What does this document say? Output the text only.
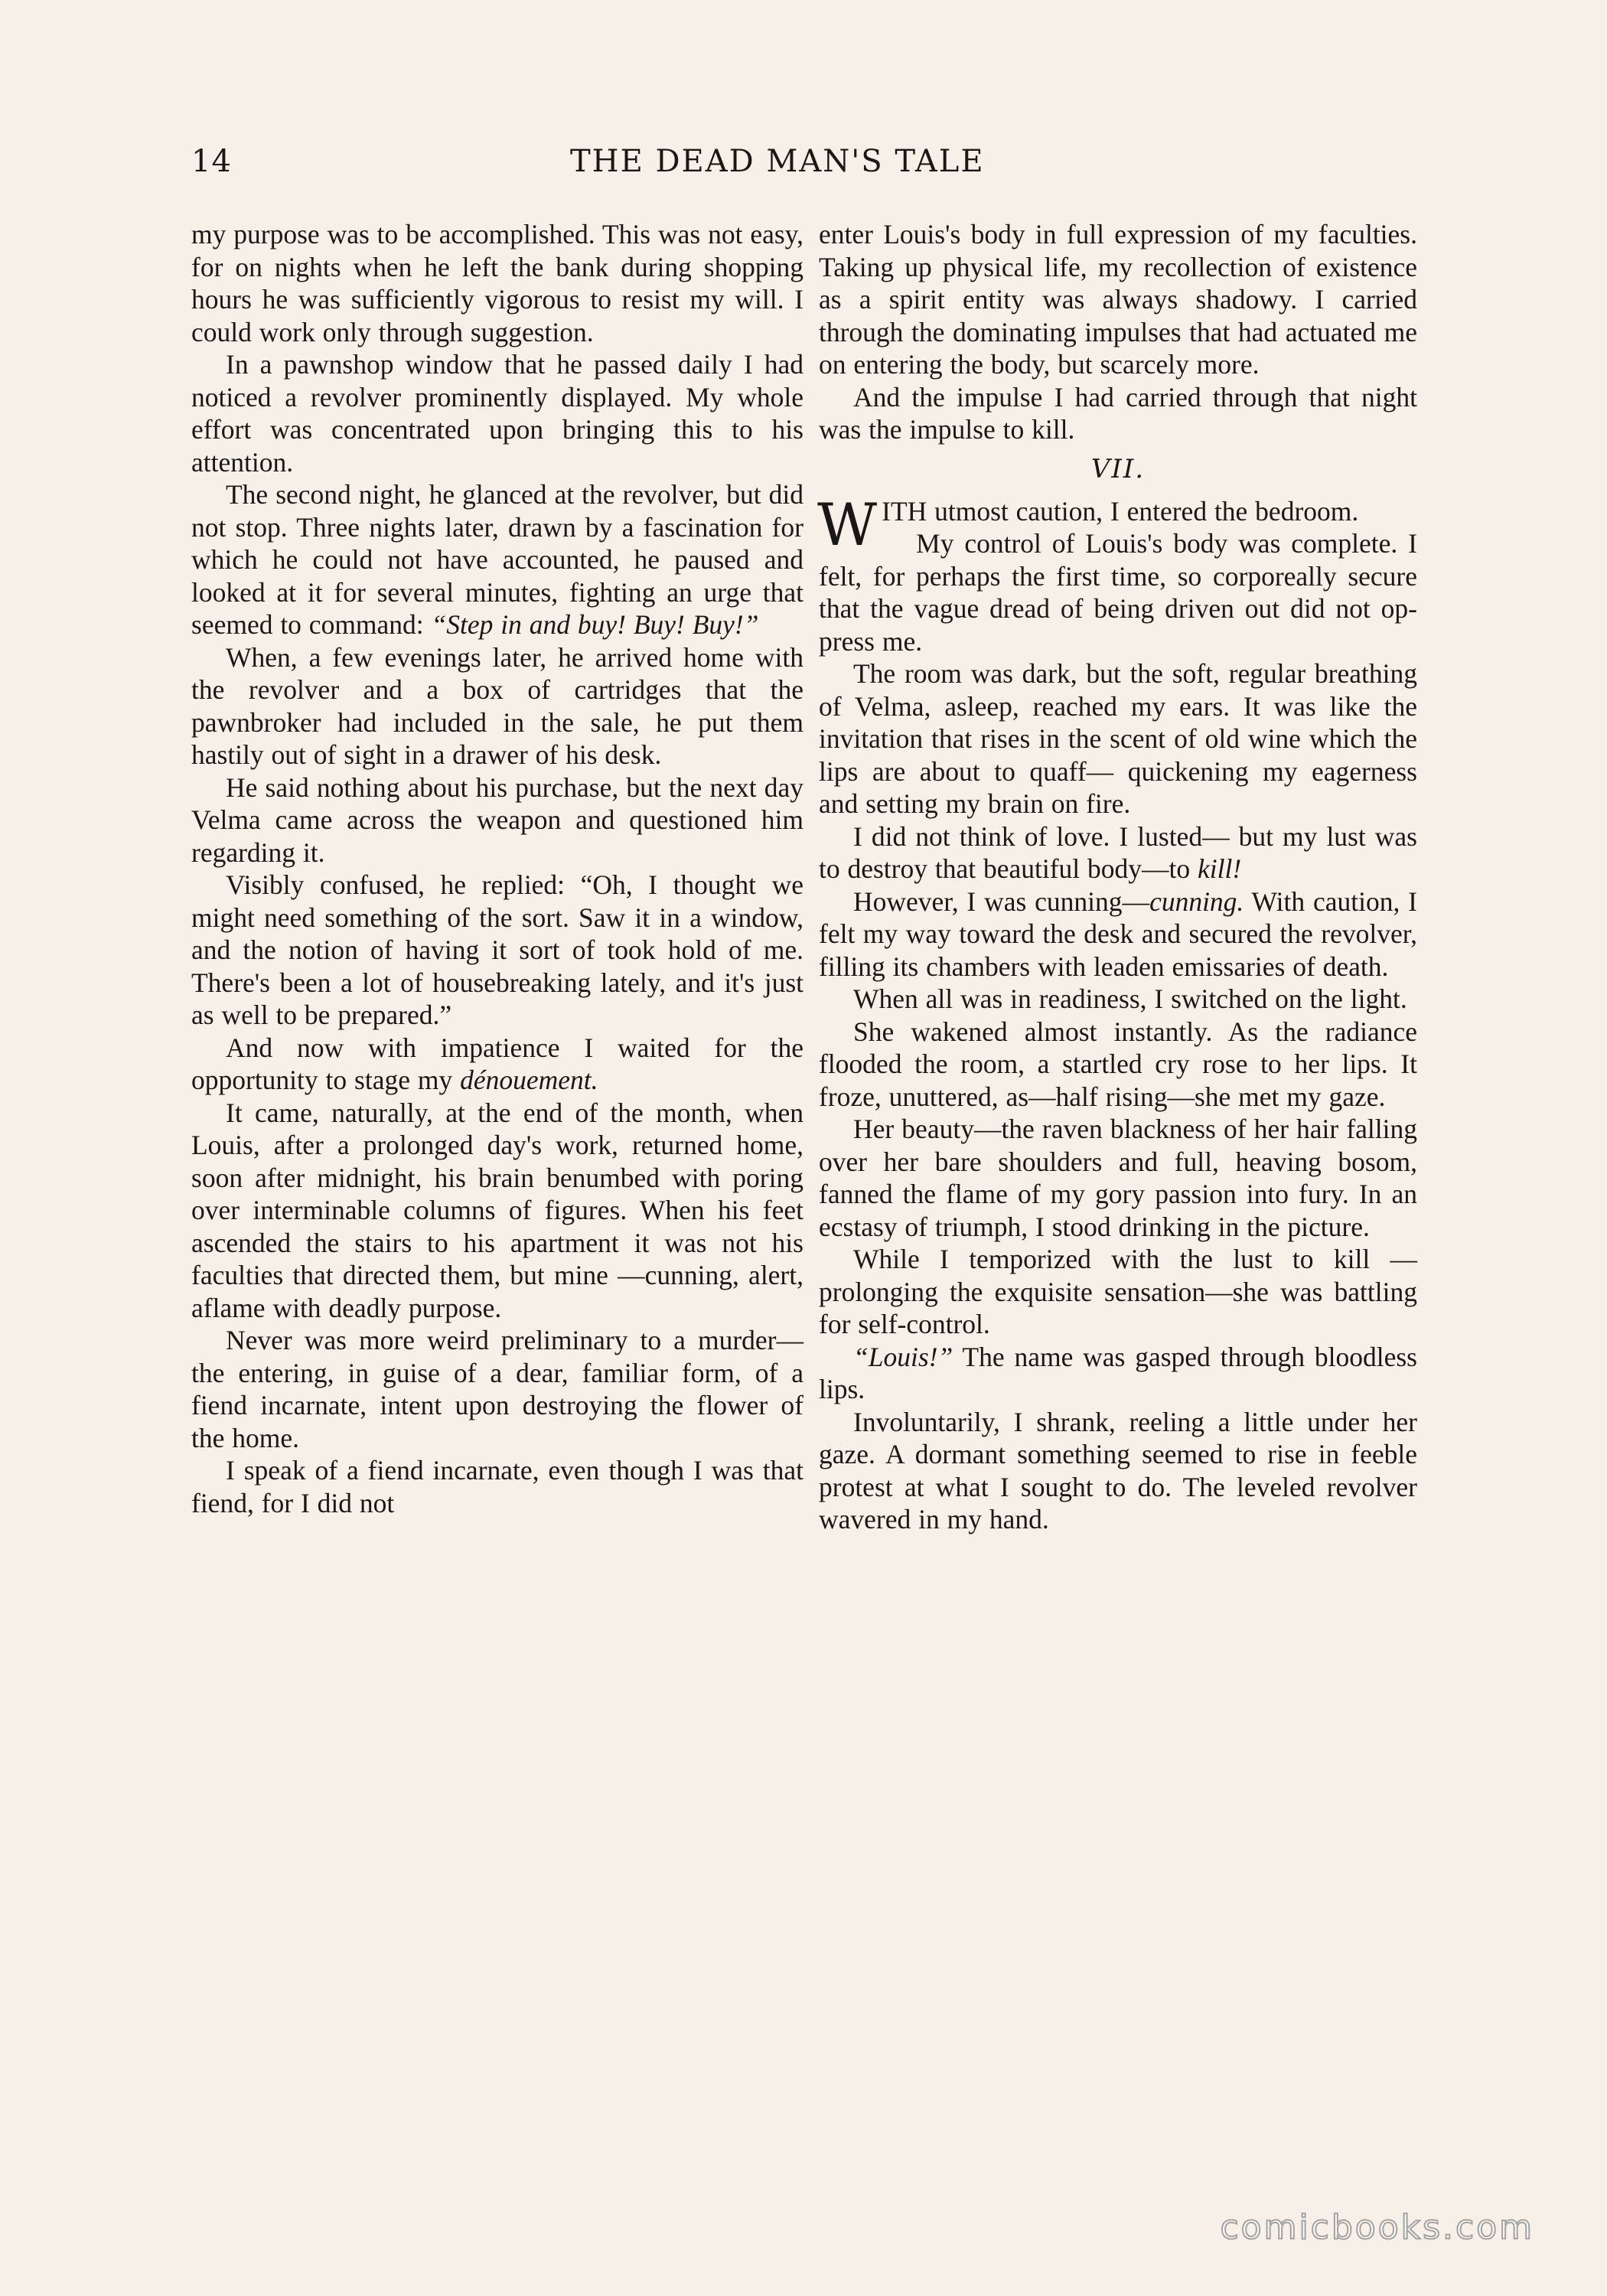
14	THE DEAD MAN'S TALE

my purpose was to be accomplished. This was not easy, for on nights when he left the bank during shopping hours he was sufficiently vigorous to resist my will. I could work only through suggestion.

In a pawnshop window that he passed daily I had noticed a revolver prominently displayed. My whole effort was concentrated upon bringing this to his attention.

The second night, he glanced at the revolver, but did not stop. Three nights later, drawn by a fascination for which he could not have accounted, he paused and looked at it for several minutes, fighting an urge that seemed to command: “Step in and buy! Buy! Buy!”

When, a few evenings later, he arrived home with the revolver and a box of cartridges that the pawnbroker had included in the sale, he put them hastily out of sight in a drawer of his desk.

He said nothing about his purchase, but the next day Velma came across the weapon and questioned him regarding it.

Visibly confused, he replied: “Oh, I thought we might need something of the sort. Saw it in a window, and the notion of having it sort of took hold of me. There's been a lot of housebreaking lately, and it's just as well to be prepared.”

And now with impatience I waited for the opportunity to stage my dénouement.

It came, naturally, at the end of the month, when Louis, after a prolonged day's work, returned home, soon after midnight, his brain benumbed with poring over interminable columns of figures. When his feet ascended the stairs to his apartment it was not his faculties that directed them, but mine —cunning, alert, aflame with deadly purpose.

Never was more weird preliminary to a murder—the entering, in guise of a dear, familiar form, of a fiend incarnate, intent upon destroying the flower of the home.

I speak of a fiend incarnate, even though I was that fiend, for I did not

enter Louis's body in full expression of my faculties. Taking up physical life, my recollection of existence as a spirit entity was always shadowy. I carried through the dominating impulses that had actuated me on entering the body, but scarcely more.

And the impulse I had carried through that night was the impulse to kill.

VII.

WITH utmost caution, I entered the bedroom.

My control of Louis's body was complete. I felt, for perhaps the first time, so corporeally secure that the vague dread of being driven out did not oppress me.

The room was dark, but the soft, regular breathing of Velma, asleep, reached my ears. It was like the invitation that rises in the scent of old wine which the lips are about to quaff— quickening my eagerness and setting my brain on fire.

I did not think of love. I lusted— but my lust was to destroy that beautiful body—to kill!

However, I was cunning—cunning. With caution, I felt my way toward the desk and secured the revolver, filling its chambers with leaden emissaries of death.

When all was in readiness, I switched on the light.

She wakened almost instantly. As the radiance flooded the room, a startled cry rose to her lips. It froze, unuttered, as—half rising—she met my gaze.

Her beauty—the raven blackness of her hair falling over her bare shoulders and full, heaving bosom, fanned the flame of my gory passion into fury. In an ecstasy of triumph, I stood drinking in the picture.

While I temporized with the lust to kill — prolonging the exquisite sensation—she was battling for self-control.

“Louis!” The name was gasped through bloodless lips.

Involuntarily, I shrank, reeling a little under her gaze. A dormant something seemed to rise in feeble protest at what I sought to do. The leveled revolver wavered in my hand.

comicbooks.com
